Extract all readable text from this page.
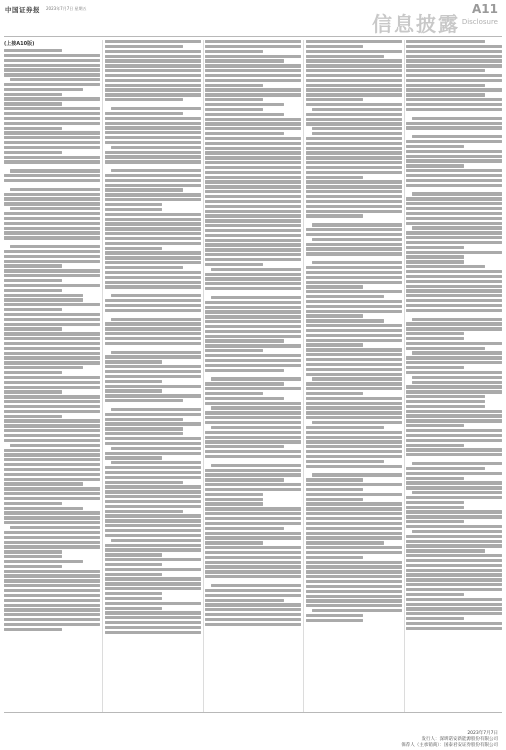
中国证券报 2023年7月7日 星期五	A11
信息披露 Disclosure
(上接A10版)
发行人：深圳诺安新能源股份有限公司
保荐人（主承销商）：国泰君安证券股份有限公司
2023年7月7日
